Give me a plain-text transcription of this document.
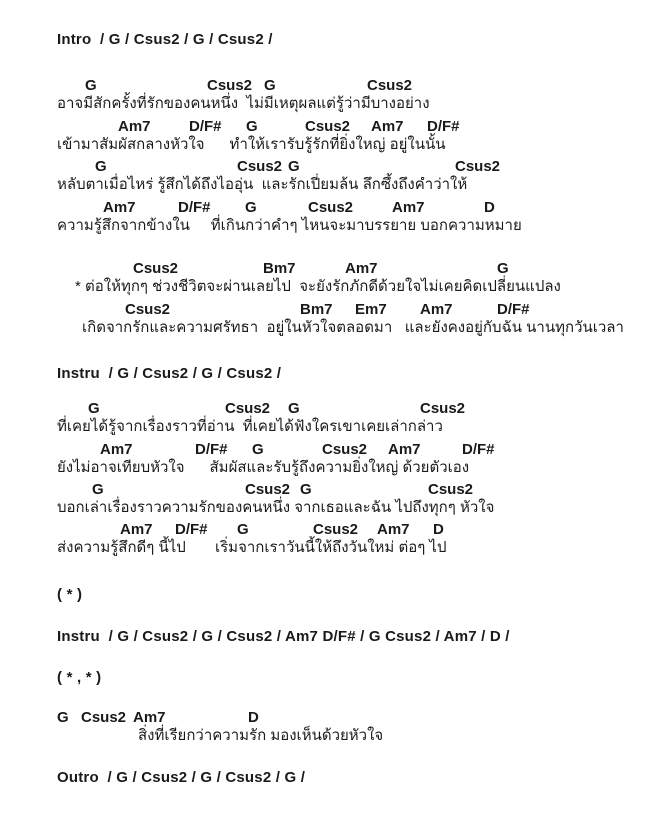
Intro  / G / Csus2 / G / Csus2 /
G	Csus2 G	Csus2
อาจมีสักครั้งที่รักของคนหนึ่ง  ไม่มีเหตุผลแต่รู้ว่ามีบางอย่าง
Am7	D/F# G	Csus2 Am7 D/F#
เข้ามาสัมผัสกลางหัวใจ      ทำให้เรารับรู้รักที่ยิ่งใหญ่ อยู่ในนั้น
G	Csus2 G	Csus2
หลับตาเมื่อไหร่ รู้สึกได้ถึงไออุ่น  และรักเปี่ยมล้น ลึกซึ้งถึงคำว่าให้
Am7	D/F# G	Csus2	Am7	D
ความรู้สึกจากข้างใน     ที่เกินกว่าคำๆ ไหนจะมาบรรยาย บอกความหมาย
Csus2	Bm7	Am7	G
* ต่อให้ทุกๆ ช่วงชีวิตจะผ่านเลยไป  จะยังรักภักดีด้วยใจไม่เคยคิดเปลี่ยนแปลง
Csus2	Bm7 Em7 Am7	D/F#
เกิดจากรักและความศรัทธา  อยู่ในหัวใจตลอดมา   และยังคงอยู่กับฉัน นานทุกวันเวลา
Instru  / G / Csus2 / G / Csus2 /
G	Csus2 G	Csus2
ที่เคยได้รู้จากเรื่องราวที่อ่าน  ที่เคยได้ฟังใครเขาเคยเล่ากล่าว
Am7	D/F# G	Csus2 Am7	D/F#
ยังไม่อาจเทียบหัวใจ      สัมผัสและรับรู้ถึงความยิ่งใหญ่ ด้วยตัวเอง
G	Csus2 G	Csus2
บอกเล่าเรื่องราวความรักของคนหนึ่ง จากเธอและฉัน ไปถึงทุกๆ หัวใจ
Am7 D/F# G	Csus2 Am7 D
ส่งความรู้สึกดีๆ นี้ไป       เริ่มจากเราวันนี้ให้ถึงวันใหม่ ต่อๆ ไป
( * )
Instru  / G / Csus2 / G / Csus2 / Am7 D/F# / G Csus2 / Am7 / D /
( * , * )
G Csus2 Am7	D
สิ่งที่เรียกว่าความรัก มองเห็นด้วยหัวใจ
Outro  / G / Csus2 / G / Csus2 / G /
